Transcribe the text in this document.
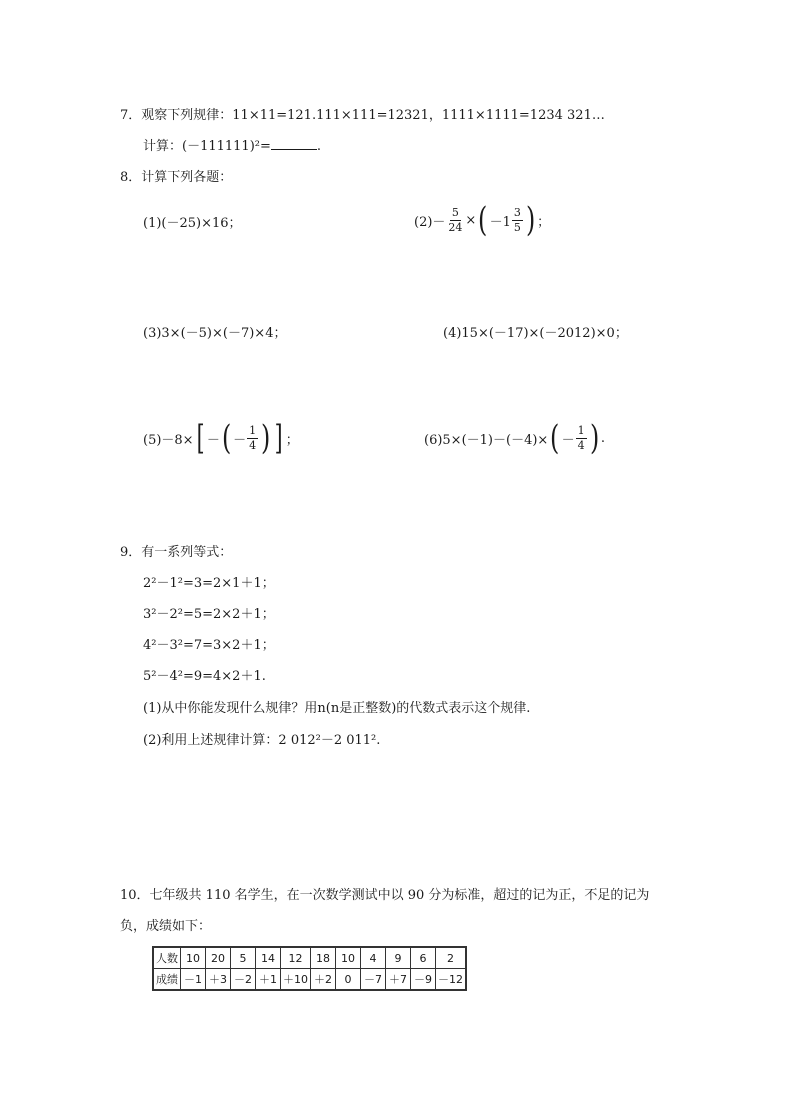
7．观察下列规律：11×11=121.111×111=12321，1111×1111=1234 321…
计算：(－111111)²=	.
8．计算下列各题：
(1)(－25)×16；	$(2)- \frac{5}{24}$ × ( $-1 \frac{3}{5}$ ) ；
(3)3×(－5)×(－7)×4；	(4)15×(－17)×(－2012)×0；
(5)－8× [ － ( － $\frac{1}{4}$ ) ] ；	(6)5×(－1)－(－4)× ( － $\frac{1}{4}$ ) .
9．有一系列等式：
2²－1²=3=2×1＋1；
3²－2²=5=2×2＋1；
4²－3²=7=3×2＋1；
5²－4²=9=4×2＋1.
(1)从中你能发现什么规律？用n(n是正整数)的代数式表示这个规律.
(2)利用上述规律计算：2 012²－2 011².
10．七年级共 110 名学生，在一次数学测试中以 90 分为标准，超过的记为正，不足的记为
负，成绩如下：
人数	10	20	5	14	12	18	10	4	9	6	2
成绩	－1	＋3	－2	＋1	＋10	＋2	0	－7	＋7	－9	－12
